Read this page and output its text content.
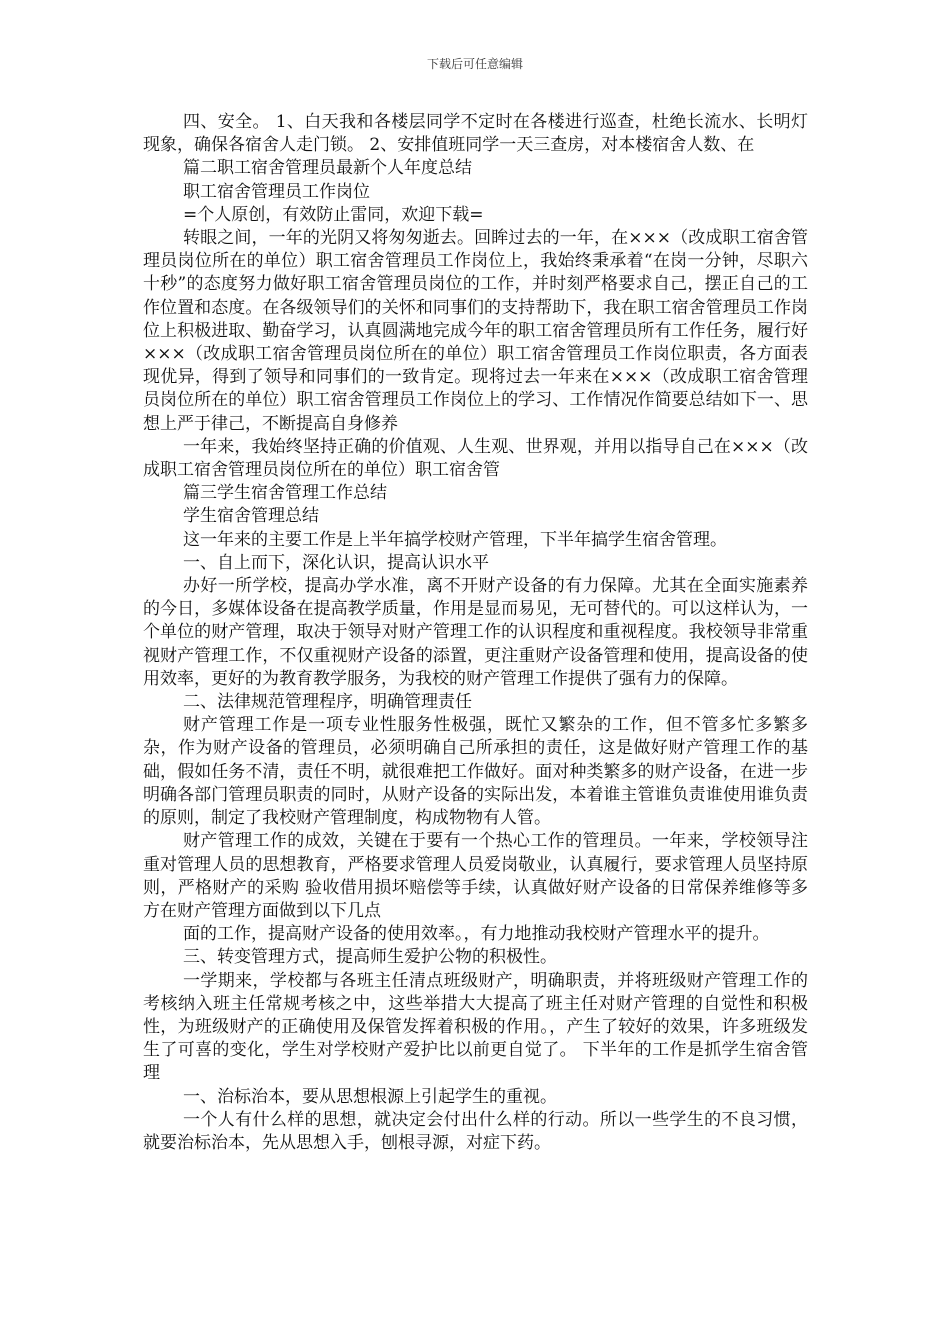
下载后可任意编辑

四、安全。 1、白天我和各楼层同学不定时在各楼进行巡查，杜绝长流水、长明灯现象，确保各宿舍人走门锁。 2、安排值班同学一天三查房，对本楼宿舍人数、在

篇二职工宿舍管理员最新个人年度总结

职工宿舍管理员工作岗位

=个人原创，有效防止雷同，欢迎下载=

转眼之间，一年的光阴又将匆匆逝去。回眸过去的一年，在×××（改成职工宿舍管理员岗位所在的单位）职工宿舍管理员工作岗位上，我始终秉承着“在岗一分钟，尽职六十秒”的态度努力做好职工宿舍管理员岗位的工作，并时刻严格要求自己，摆正自己的工作位置和态度。在各级领导们的关怀和同事们的支持帮助下，我在职工宿舍管理员工作岗位上积极进取、勤奋学习，认真圆满地完成今年的职工宿舍管理员所有工作任务，履行好×××（改成职工宿舍管理员岗位所在的单位）职工宿舍管理员工作岗位职责，各方面表现优异，得到了领导和同事们的一致肯定。现将过去一年来在×××（改成职工宿舍管理员岗位所在的单位）职工宿舍管理员工作岗位上的学习、工作情况作简要总结如下一、思想上严于律己，不断提高自身修养

一年来，我始终坚持正确的价值观、人生观、世界观，并用以指导自己在×××（改成职工宿舍管理员岗位所在的单位）职工宿舍管

篇三学生宿舍管理工作总结

学生宿舍管理总结

这一年来的主要工作是上半年搞学校财产管理，下半年搞学生宿舍管理。

一、自上而下，深化认识，提高认识水平

办好一所学校，提高办学水准，离不开财产设备的有力保障。尤其在全面实施素养的今日，多媒体设备在提高教学质量，作用是显而易见，无可替代的。可以这样认为，一个单位的财产管理，取决于领导对财产管理工作的认识程度和重视程度。我校领导非常重视财产管理工作，不仅重视财产设备的添置，更注重财产设备管理和使用，提高设备的使用效率，更好的为教育教学服务，为我校的财产管理工作提供了强有力的保障。

二、法律规范管理程序，明确管理责任

财产管理工作是一项专业性服务性极强，既忙又繁杂的工作，但不管多忙多繁多杂，作为财产设备的管理员，必须明确自己所承担的责任，这是做好财产管理工作的基础，假如任务不清，责任不明，就很难把工作做好。面对种类繁多的财产设备，在进一步明确各部门管理员职责的同时，从财产设备的实际出发，本着谁主管谁负责谁使用谁负责的原则，制定了我校财产管理制度，构成物物有人管。

财产管理工作的成效，关键在于要有一个热心工作的管理员。一年来，学校领导注重对管理人员的思想教育，严格要求管理人员爱岗敬业，认真履行，要求管理人员坚持原则，严格财产的采购 验收借用损坏赔偿等手续，认真做好财产设备的日常保养维修等多方在财产管理方面做到以下几点

面的工作，提高财产设备的使用效率。，有力地推动我校财产管理水平的提升。

三、转变管理方式，提高师生爱护公物的积极性。

一学期来，学校都与各班主任清点班级财产，明确职责，并将班级财产管理工作的考核纳入班主任常规考核之中，这些举措大大提高了班主任对财产管理的自觉性和积极性，为班级财产的正确使用及保管发挥着积极的作用。，产生了较好的效果，许多班级发生了可喜的变化，学生对学校财产爱护比以前更自觉了。 下半年的工作是抓学生宿舍管理

一、治标治本，要从思想根源上引起学生的重视。

一个人有什么样的思想，就决定会付出什么样的行动。所以一些学生的不良习惯，就要治标治本，先从思想入手，刨根寻源，对症下药。
